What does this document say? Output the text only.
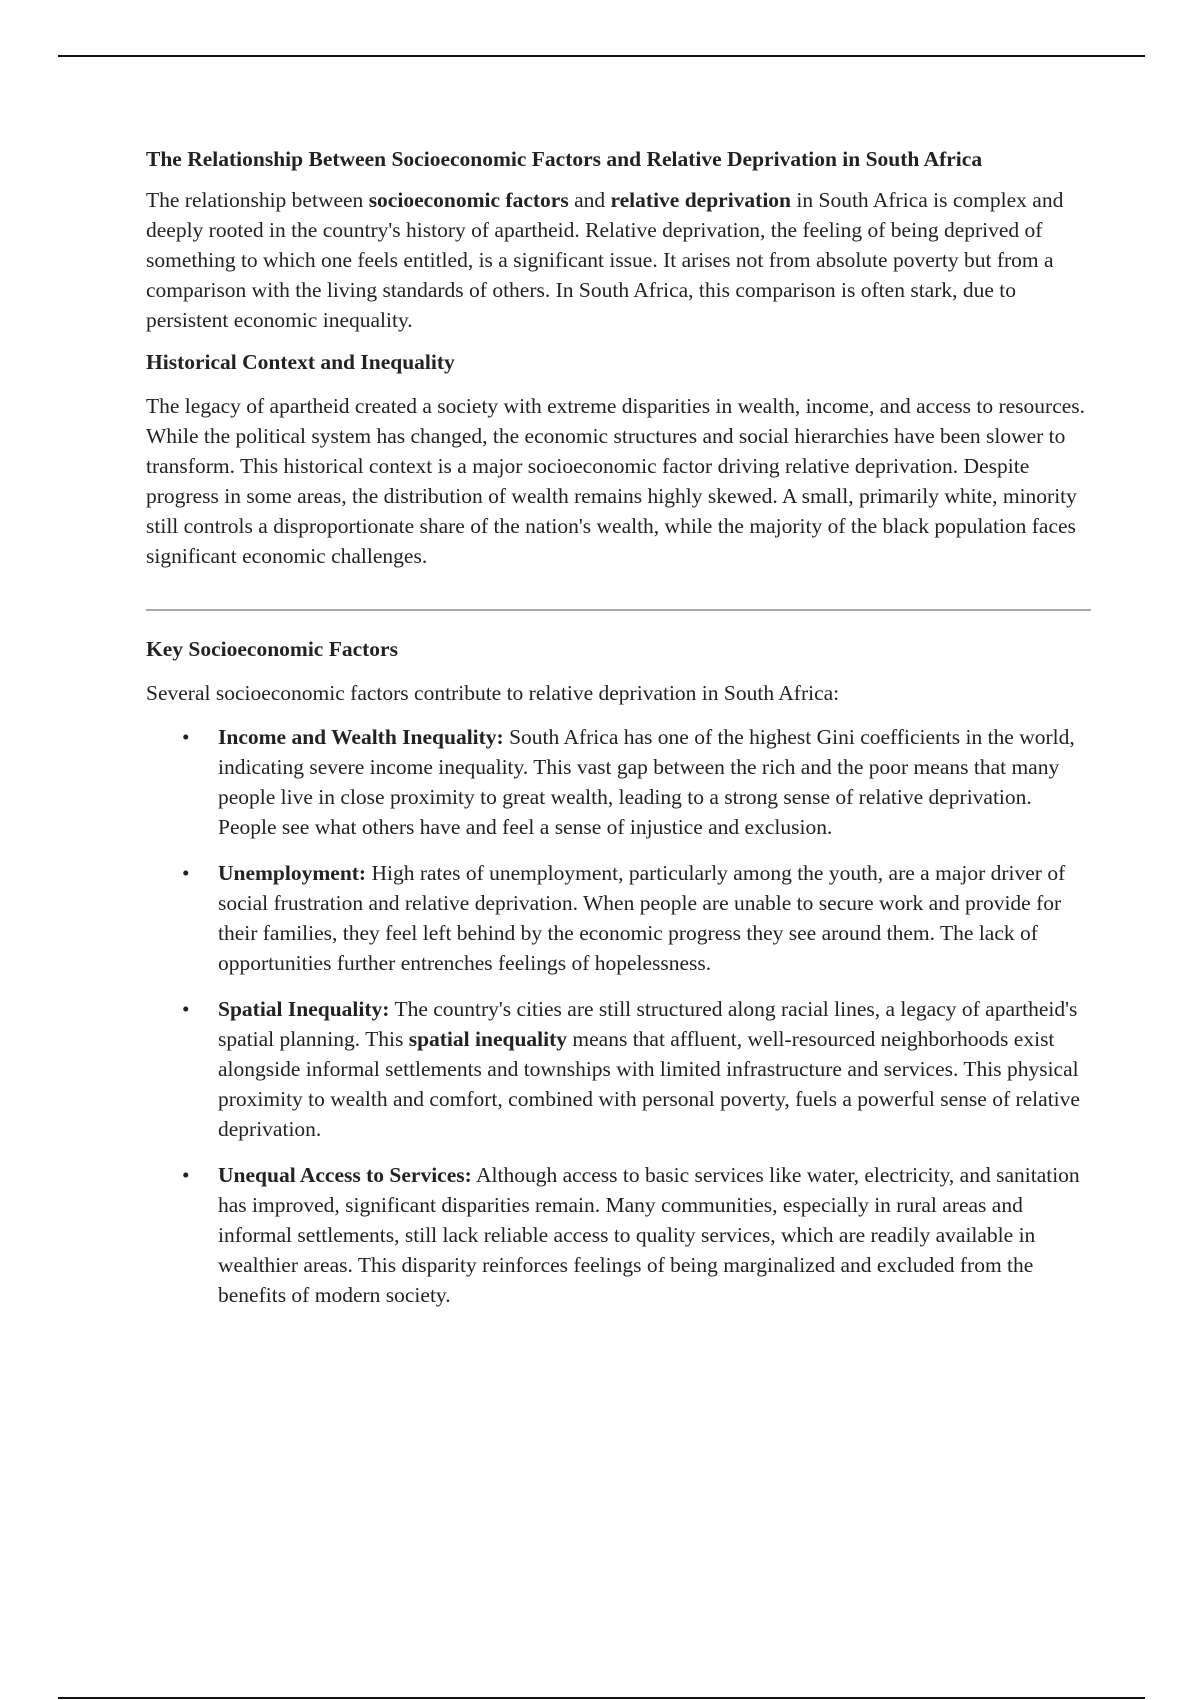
The Relationship Between Socioeconomic Factors and Relative Deprivation in South Africa

The relationship between socioeconomic factors and relative deprivation in South Africa is complex and deeply rooted in the country's history of apartheid. Relative deprivation, the feeling of being deprived of something to which one feels entitled, is a significant issue. It arises not from absolute poverty but from a comparison with the living standards of others. In South Africa, this comparison is often stark, due to persistent economic inequality.

Historical Context and Inequality

The legacy of apartheid created a society with extreme disparities in wealth, income, and access to resources. While the political system has changed, the economic structures and social hierarchies have been slower to transform. This historical context is a major socioeconomic factor driving relative deprivation. Despite progress in some areas, the distribution of wealth remains highly skewed. A small, primarily white, minority still controls a disproportionate share of the nation's wealth, while the majority of the black population faces significant economic challenges.

Key Socioeconomic Factors

Several socioeconomic factors contribute to relative deprivation in South Africa:

• Income and Wealth Inequality: South Africa has one of the highest Gini coefficients in the world, indicating severe income inequality. This vast gap between the rich and the poor means that many people live in close proximity to great wealth, leading to a strong sense of relative deprivation. People see what others have and feel a sense of injustice and exclusion.
• Unemployment: High rates of unemployment, particularly among the youth, are a major driver of social frustration and relative deprivation. When people are unable to secure work and provide for their families, they feel left behind by the economic progress they see around them. The lack of opportunities further entrenches feelings of hopelessness.
• Spatial Inequality: The country's cities are still structured along racial lines, a legacy of apartheid's spatial planning. This spatial inequality means that affluent, well-resourced neighborhoods exist alongside informal settlements and townships with limited infrastructure and services. This physical proximity to wealth and comfort, combined with personal poverty, fuels a powerful sense of relative deprivation.
• Unequal Access to Services: Although access to basic services like water, electricity, and sanitation has improved, significant disparities remain. Many communities, especially in rural areas and informal settlements, still lack reliable access to quality services, which are readily available in wealthier areas. This disparity reinforces feelings of being marginalized and excluded from the benefits of modern society.
